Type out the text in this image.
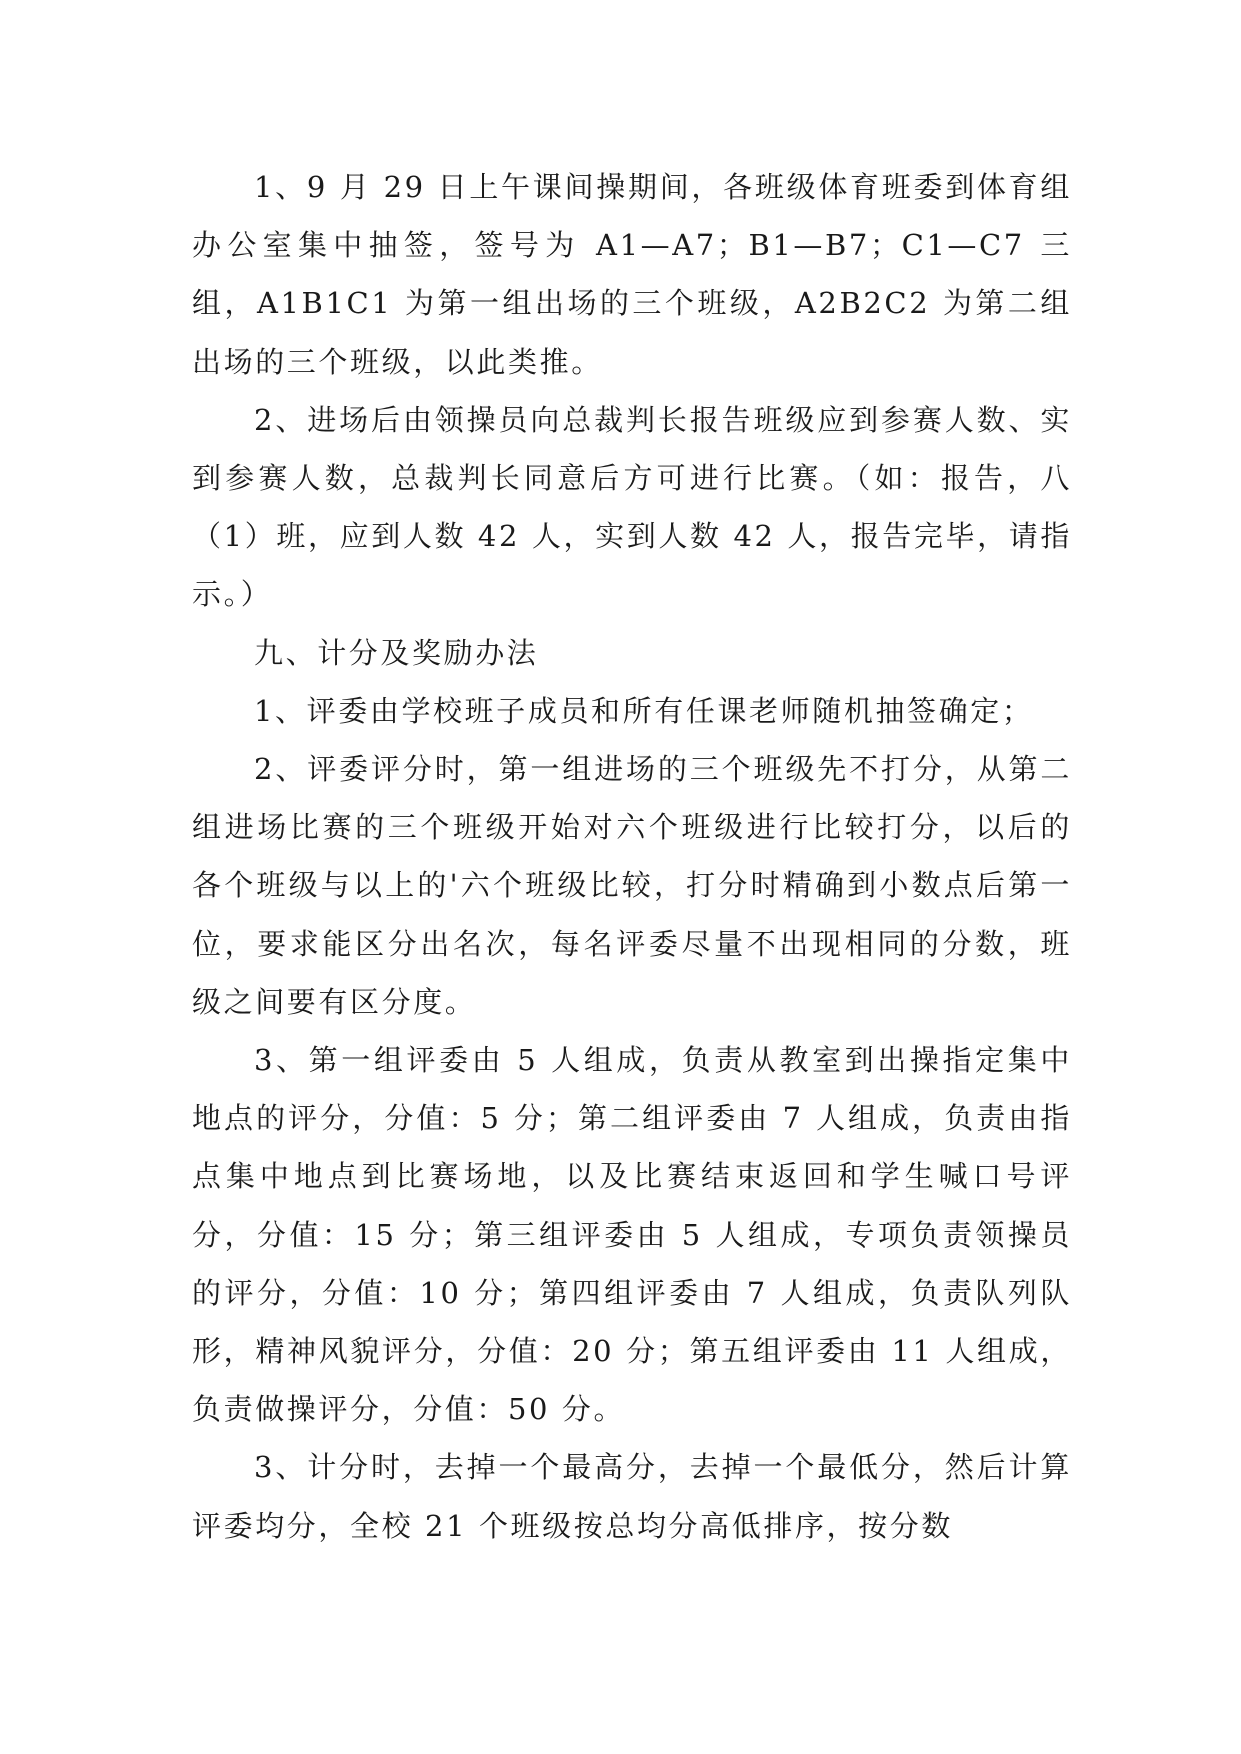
1、9 月 29 日上午课间操期间，各班级体育班委到体育组办公室集中抽签，签号为 A1—A7；B1—B7；C1—C7 三组，A1B1C1 为第一组出场的三个班级，A2B2C2 为第二组出场的三个班级，以此类推。

2、进场后由领操员向总裁判长报告班级应到参赛人数、实到参赛人数，总裁判长同意后方可进行比赛。（如：报告，八（1）班，应到人数 42 人，实到人数 42 人，报告完毕，请指示。）

九、计分及奖励办法

1、评委由学校班子成员和所有任课老师随机抽签确定；

2、评委评分时，第一组进场的三个班级先不打分，从第二组进场比赛的三个班级开始对六个班级进行比较打分，以后的各个班级与以上的'六个班级比较，打分时精确到小数点后第一位，要求能区分出名次，每名评委尽量不出现相同的分数，班级之间要有区分度。

3、第一组评委由 5 人组成，负责从教室到出操指定集中地点的评分，分值：5 分；第二组评委由 7 人组成，负责由指点集中地点到比赛场地，以及比赛结束返回和学生喊口号评分，分值：15 分；第三组评委由 5 人组成，专项负责领操员的评分，分值：10 分；第四组评委由 7 人组成，负责队列队形，精神风貌评分，分值：20 分；第五组评委由 11 人组成，负责做操评分，分值：50 分。

3、计分时，去掉一个最高分，去掉一个最低分，然后计算评委均分，全校 21 个班级按总均分高低排序，按分数
